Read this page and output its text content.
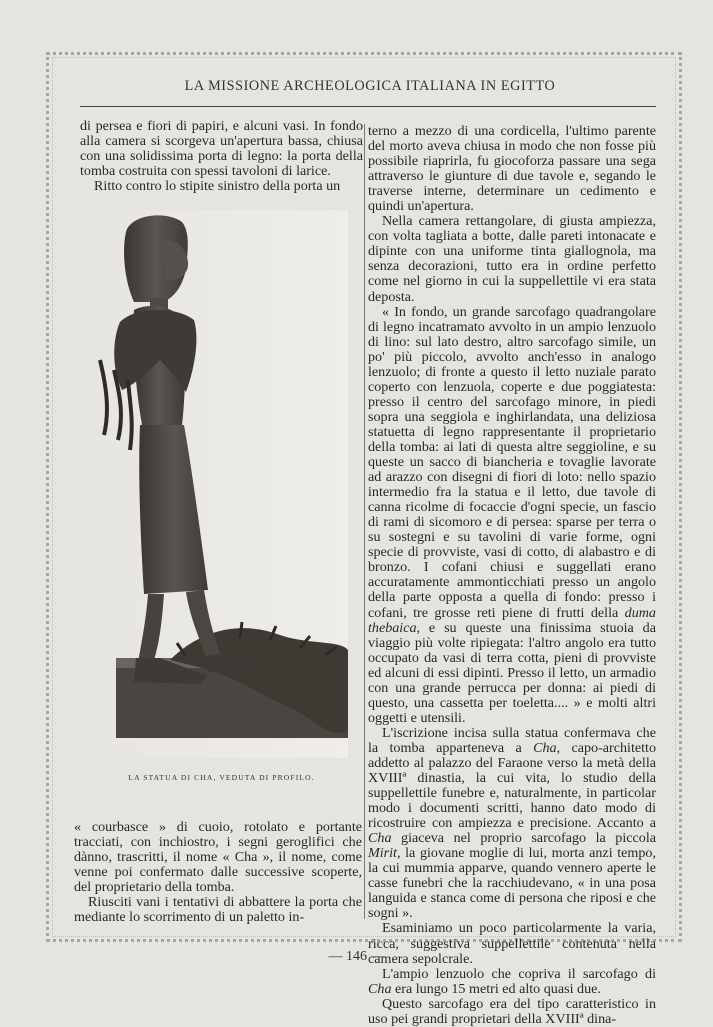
LA MISSIONE ARCHEOLOGICA ITALIANA IN EGITTO

di persea e fiori di papiri, e alcuni vasi. In fondo alla camera si scorgeva un'apertura bassa, chiusa con una solidissima porta di legno: la porta della tomba costruita con spessi tavoloni di larice.

Ritto contro lo stipite sinistro della porta un

LA STATUA DI CHA, VEDUTA DI PROFILO.

« courbasce » di cuoio, rotolato e portante tracciati, con inchiostro, i segni geroglifici che dànno, trascritti, il nome « Cha », il nome, come venne poi confermato dalle successive scoperte, del proprietario della tomba.

Riusciti vani i tentativi di abbattere la porta che mediante lo scorrimento di un paletto in-

terno a mezzo di una cordicella, l'ultimo parente del morto aveva chiusa in modo che non fosse più possibile riaprirla, fu giocoforza passare una sega attraverso le giunture di due tavole e, segando le traverse interne, determinare un cedimento e quindi un'apertura.

Nella camera rettangolare, di giusta ampiezza, con volta tagliata a botte, dalle pareti intonacate e dipinte con una uniforme tinta giallognola, ma senza decorazioni, tutto era in ordine perfetto come nel giorno in cui la suppellettile vi era stata deposta.

« In fondo, un grande sarcofago quadrangolare di legno incatramato avvolto in un ampio lenzuolo di lino: sul lato destro, altro sarcofago simile, un po' più piccolo, avvolto anch'esso in analogo lenzuolo; di fronte a questo il letto nuziale parato coperto con lenzuola, coperte e due poggiatesta: presso il centro del sarcofago minore, in piedi sopra una seggiola e inghirlandata, una deliziosa statuetta di legno rappresentante il proprietario della tomba: ai lati di questa altre seggioline, e su queste un sacco di biancheria e tovaglie lavorate ad arazzo con disegni di fiori di loto: nello spazio intermedio fra la statua e il letto, due tavole di canna ricolme di focaccie d'ogni specie, un fascio di rami di sicomoro e di persea: sparse per terra o su sostegni e su tavolini di varie forme, ogni specie di provviste, vasi di cotto, di alabastro e di bronzo. I cofani chiusi e suggellati erano accuratamente ammonticchiati presso un angolo della parte opposta a quella di fondo: presso i cofani, tre grosse reti piene di frutti della duma thebaica, e su queste una finissima stuoia da viaggio più volte ripiegata: l'altro angolo era tutto occupato da vasi di terra cotta, pieni di provviste ed alcuni di essi dipinti. Presso il letto, un armadio con una grande perrucca per donna: ai piedi di questo, una cassetta per toeletta.... » e molti altri oggetti e utensili.

L'iscrizione incisa sulla statua confermava che la tomba apparteneva a Cha, capo-architetto addetto al palazzo del Faraone verso la metà della XVIIIª dinastia, la cui vita, lo studio della suppellettile funebre e, naturalmente, in particolar modo i documenti scritti, hanno dato modo di ricostruire con ampiezza e precisione. Accanto a Cha giaceva nel proprio sarcofago la piccola Mirit, la giovane moglie di lui, morta anzi tempo, la cui mummia apparve, quando vennero aperte le casse funebri che la racchiudevano, « in una posa languida e stanca come di persona che riposi e che sogni ».

Esaminiamo un poco particolarmente la varia, ricca, suggestiva suppellettile contenuta nella camera sepolcrale.

L'ampio lenzuolo che copriva il sarcofago di Cha era lungo 15 metri ed alto quasi due.

Questo sarcofago era del tipo caratteristico in uso pei grandi proprietari della XVIIIª dina-

— 146 —
